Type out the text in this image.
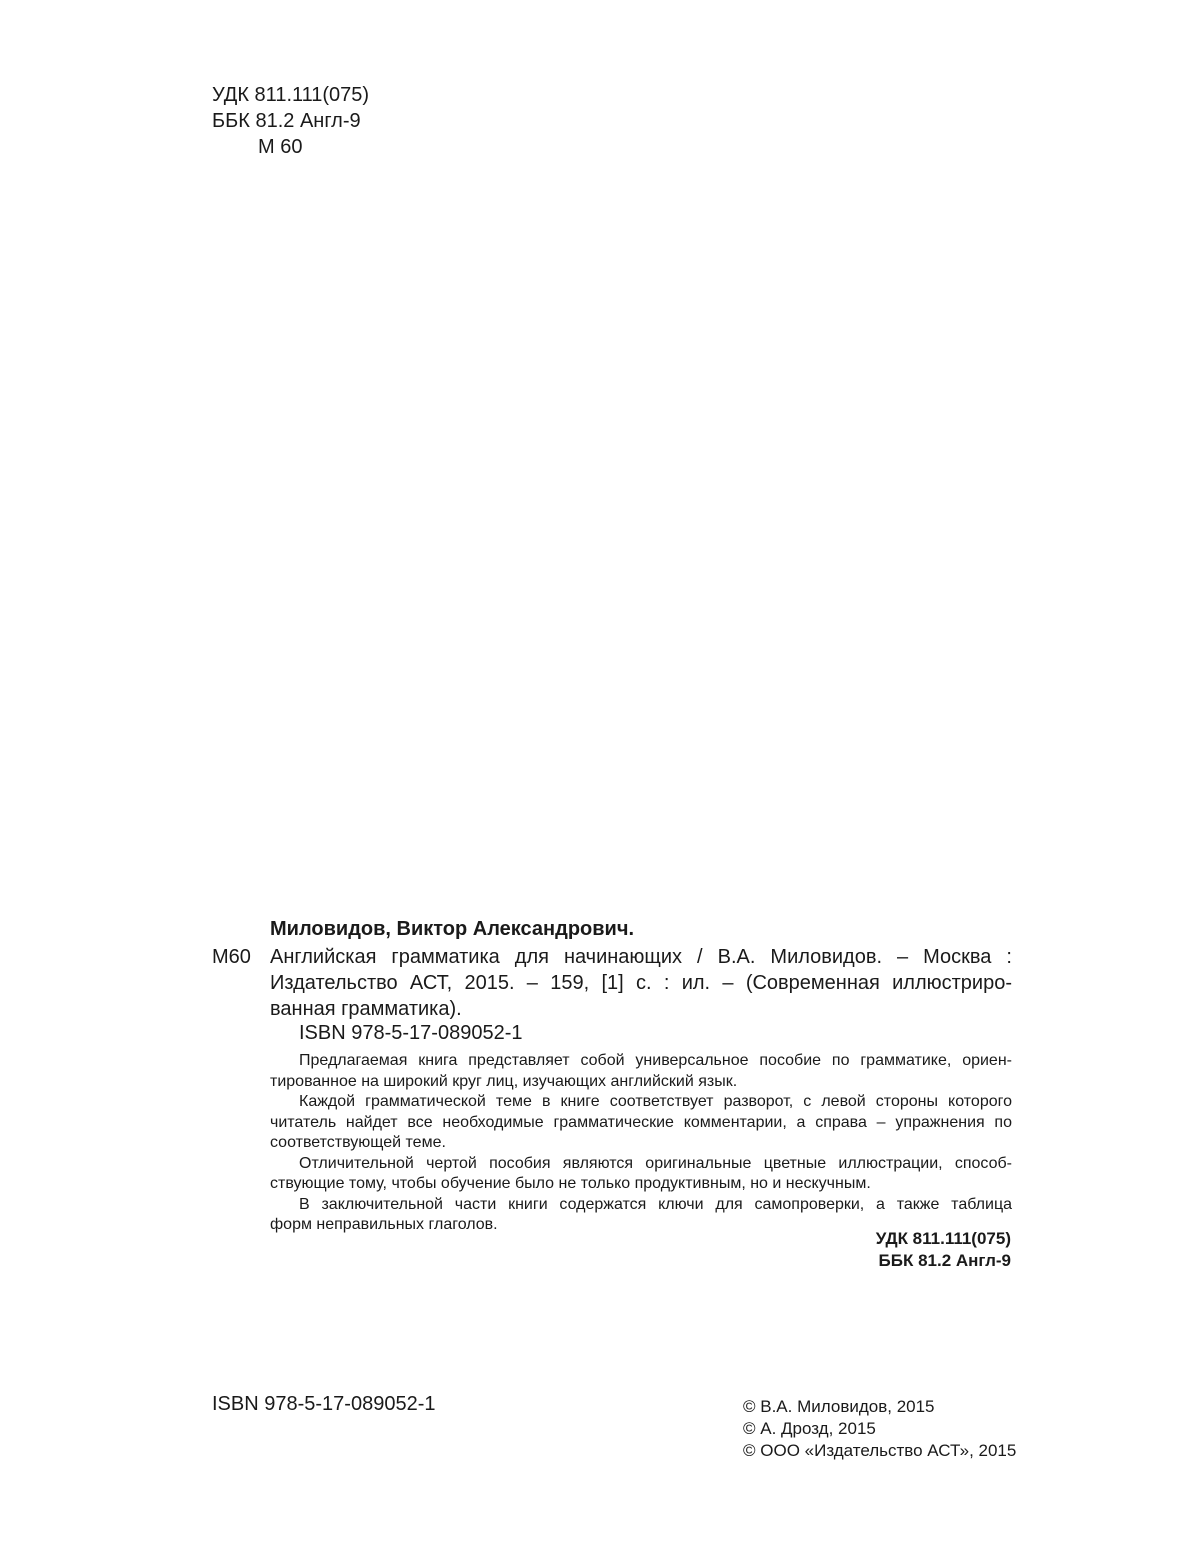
УДК 811.111(075)
ББК 81.2 Англ-9
М 60
Миловидов, Виктор Александрович.
М60 Английская грамматика для начинающих / В.А. Миловидов. – Москва :
Издательство АСТ, 2015. – 159, [1] с. : ил. – (Современная иллюстриро-
ванная грамматика).
ISBN 978-5-17-089052-1
Предлагаемая книга представляет собой универсальное пособие по грамматике, ориен-
тированное на широкий круг лиц, изучающих английский язык.
Каждой грамматической теме в книге соответствует разворот, с левой стороны которого
читатель найдет все необходимые грамматические комментарии, а справа – упражнения по
соответствующей теме.
Отличительной чертой пособия являются оригинальные цветные иллюстрации, способ-
ствующие тому, чтобы обучение было не только продуктивным, но и нескучным.
В заключительной части книги содержатся ключи для самопроверки, а также таблица
форм неправильных глаголов.
УДК 811.111(075)
ББК 81.2 Англ-9
ISBN 978-5-17-089052-1	© В.А. Миловидов, 2015
© А. Дрозд, 2015
© ООО «Издательство АСТ», 2015
